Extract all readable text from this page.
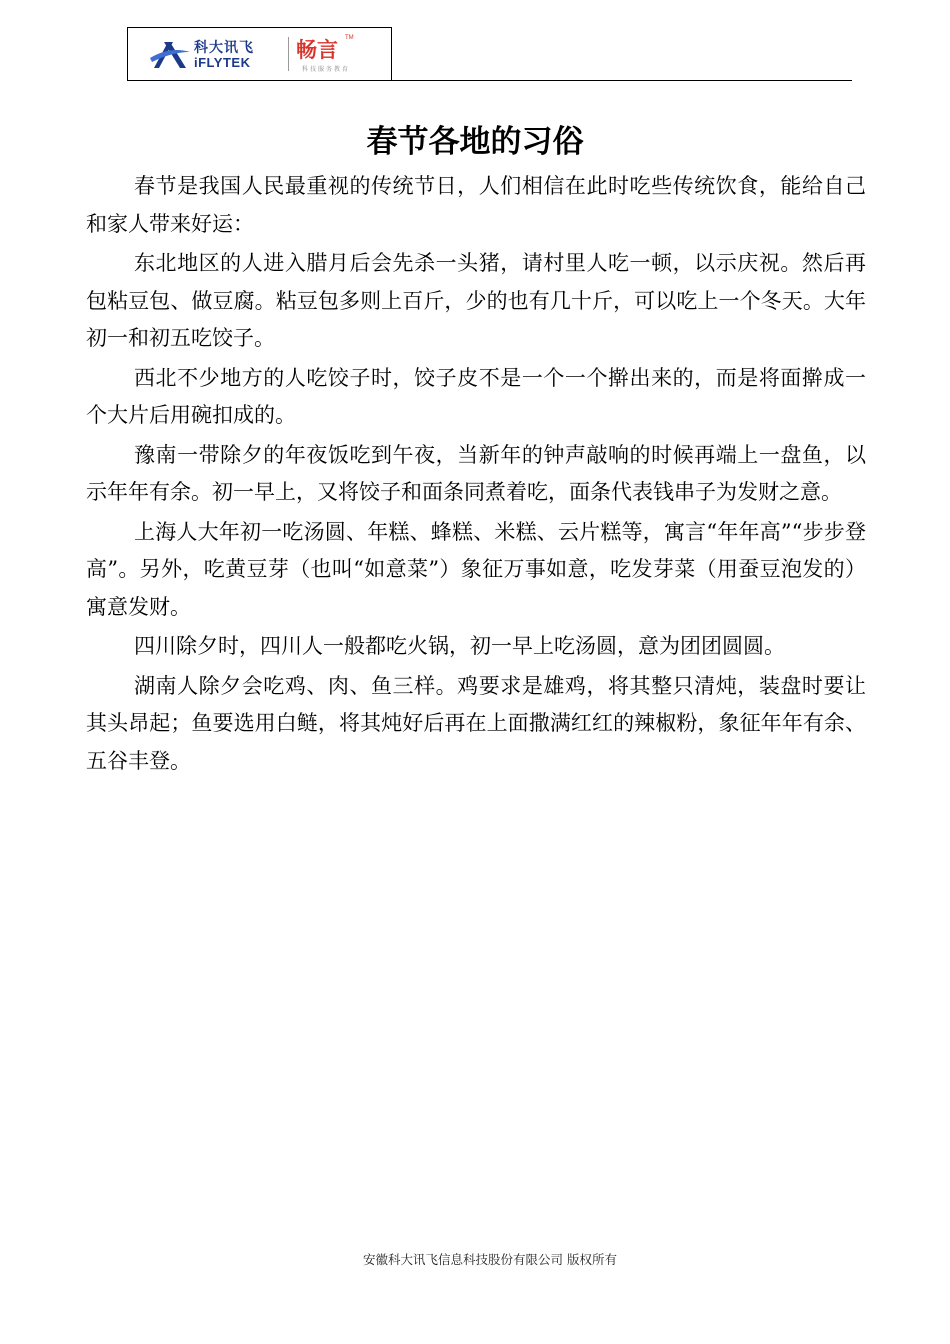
科大讯飞
iFLYTEK
畅言 TM
科技服务教育
春节各地的习俗

春节是我国人民最重视的传统节日，人们相信在此时吃些传统饮食，能给自己和家人带来好运：

东北地区的人进入腊月后会先杀一头猪，请村里人吃一顿，以示庆祝。然后再包粘豆包、做豆腐。粘豆包多则上百斤，少的也有几十斤，可以吃上一个冬天。大年初一和初五吃饺子。

西北不少地方的人吃饺子时，饺子皮不是一个一个擀出来的，而是将面擀成一个大片后用碗扣成的。

豫南一带除夕的年夜饭吃到午夜，当新年的钟声敲响的时候再端上一盘鱼，以示年年有余。初一早上，又将饺子和面条同煮着吃，面条代表钱串子为发财之意。

上海人大年初一吃汤圆、年糕、蜂糕、米糕、云片糕等，寓言“年年高”“步步登高”。另外，吃黄豆芽（也叫“如意菜”）象征万事如意，吃发芽菜（用蚕豆泡发的）寓意发财。

四川除夕时，四川人一般都吃火锅，初一早上吃汤圆，意为团团圆圆。

湖南人除夕会吃鸡、肉、鱼三样。鸡要求是雄鸡，将其整只清炖，装盘时要让其头昂起；鱼要选用白鲢，将其炖好后再在上面撒满红红的辣椒粉，象征年年有余、五谷丰登。

安徽科大讯飞信息科技股份有限公司 版权所有
